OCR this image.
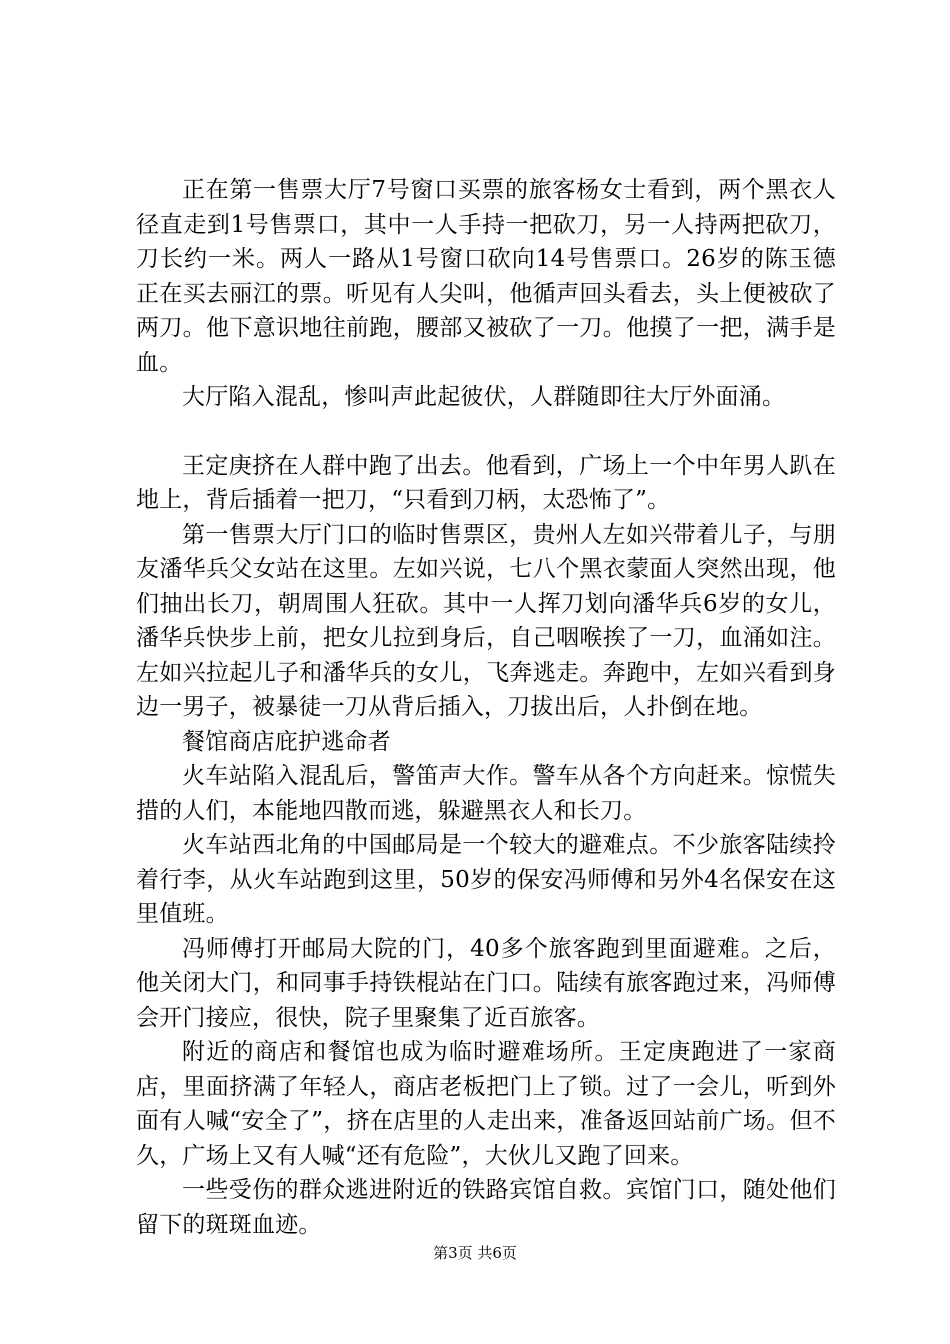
正在第一售票大厅7号窗口买票的旅客杨女士看到，两个黑衣人径直走到1号售票口，其中一人手持一把砍刀，另一人持两把砍刀，刀长约一米。两人一路从1号窗口砍向14号售票口。26岁的陈玉德正在买去丽江的票。听见有人尖叫，他循声回头看去，头上便被砍了两刀。他下意识地往前跑，腰部又被砍了一刀。他摸了一把，满手是血。

大厅陷入混乱，惨叫声此起彼伏，人群随即往大厅外面涌。

王定庚挤在人群中跑了出去。他看到，广场上一个中年男人趴在地上，背后插着一把刀，“只看到刀柄，太恐怖了”。

第一售票大厅门口的临时售票区，贵州人左如兴带着儿子，与朋友潘华兵父女站在这里。左如兴说，七八个黑衣蒙面人突然出现，他们抽出长刀，朝周围人狂砍。其中一人挥刀划向潘华兵6岁的女儿，潘华兵快步上前，把女儿拉到身后，自己咽喉挨了一刀，血涌如注。左如兴拉起儿子和潘华兵的女儿，飞奔逃走。奔跑中，左如兴看到身边一男子，被暴徒一刀从背后插入，刀拔出后，人扑倒在地。

餐馆商店庇护逃命者

火车站陷入混乱后，警笛声大作。警车从各个方向赶来。惊慌失措的人们，本能地四散而逃，躲避黑衣人和长刀。

火车站西北角的中国邮局是一个较大的避难点。不少旅客陆续拎着行李，从火车站跑到这里，50岁的保安冯师傅和另外4名保安在这里值班。

冯师傅打开邮局大院的门，40多个旅客跑到里面避难。之后，他关闭大门，和同事手持铁棍站在门口。陆续有旅客跑过来，冯师傅会开门接应，很快，院子里聚集了近百旅客。

附近的商店和餐馆也成为临时避难场所。王定庚跑进了一家商店，里面挤满了年轻人，商店老板把门上了锁。过了一会儿，听到外面有人喊“安全了”，挤在店里的人走出来，准备返回站前广场。但不久，广场上又有人喊“还有危险”，大伙儿又跑了回来。

一些受伤的群众逃进附近的铁路宾馆自救。宾馆门口，随处他们留下的斑斑血迹。

第3页 共6页
